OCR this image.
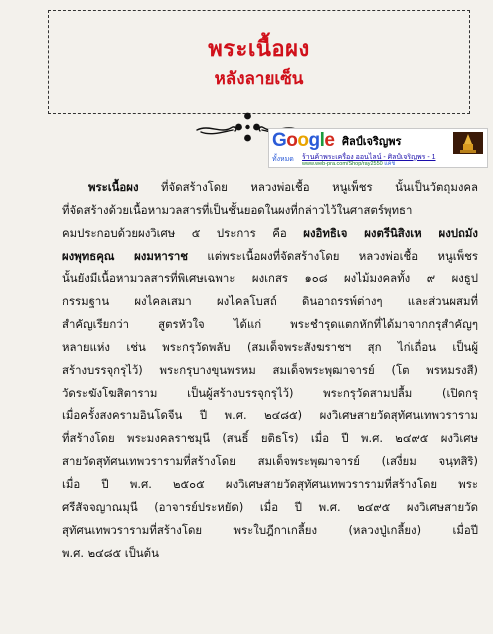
พระเนื้อผง
หลังลายเซ็น
Google ศิลป์เจริญพร
ทั้งหมด ร้านค้าพระเครื่อง ออนไลน์ - ศิลป์เจริญพร - 1
www.web-pra.com/Shop/ray2550 แคช
พระเนื้อผง ที่จัดสร้างโดย หลวงพ่อเชื้อ หนูเพ็ชร นั้นเป็นวัตถุมงคล
ที่จัดสร้างด้วยเนื้อหามวลสารที่เป็นชั้นยอดในผงที่กล่าวไว้ในศาสตร์พุทธา
คมประกอบด้วยผงวิเศษ ๕ ประการ คือ ผงอิทธิเจ ผงตรีนิสิงเห ผงปถมัง
ผงพุทธคุณ ผงมหาราช แต่พระเนื้อผงที่จัดสร้างโดย หลวงพ่อเชื้อ หนูเพ็ชร
นั้นยังมีเนื้อหามวลสารที่พิเศษเฉพาะ ผงเกสร ๑๐๘ ผงไม้มงคลทั้ง ๙ ผงธูป
กรรมฐาน ผงไคลเสมา ผงไคลโบสถ์ ดินอาถรรพ์ต่างๆ และส่วนผสมที่
สำคัญเรียกว่า สูตรหัวใจ ได้แก่ พระชำรุดแตกหักที่ได้มาจากกรุสำคัญๆ
หลายแห่ง เช่น พระกรุวัดพลับ (สมเด็จพระสังฆราชฯ สุก ไก่เถื่อน เป็นผู้
สร้างบรรจุกรุไว้) พระกรุบางขุนพรหม สมเด็จพระพุฒาจารย์ (โต พรหมรงสี)
วัดระฆังโฆสิตาราม เป็นผู้สร้างบรรจุกรุไว้) พระกรุวัดสามปลื้ม (เปิดกรุ
เมื่อครั้งสงครามอินโดจีน ปี พ.ศ. ๒๔๘๕) ผงวิเศษสายวัดสุทัศนเทพวราราม
ที่สร้างโดย พระมงคลราชมุนี (สนธิ์ ยติธโร) เมื่อ ปี พ.ศ. ๒๔๙๕ ผงวิเศษ
สายวัดสุทัศนเทพวรารามที่สร้างโดย สมเด็จพระพุฒาจารย์ (เสงี่ยม จนฺทสิริ)
เมื่อ ปี พ.ศ. ๒๕๐๕ ผงวิเศษสายวัดสุทัศนเทพวรารามที่สร้างโดย พระ
ศรีสัจจญาณมุนี (อาจารย์ประหยัด) เมื่อ ปี พ.ศ. ๒๔๙๕ ผงวิเศษสายวัด
สุทัศนเทพวรารามที่สร้างโดย พระใบฎีกาเกลี้ยง (หลวงปู่เกลี้ยง) เมื่อปี
พ.ศ. ๒๔๘๕ เป็นต้น
